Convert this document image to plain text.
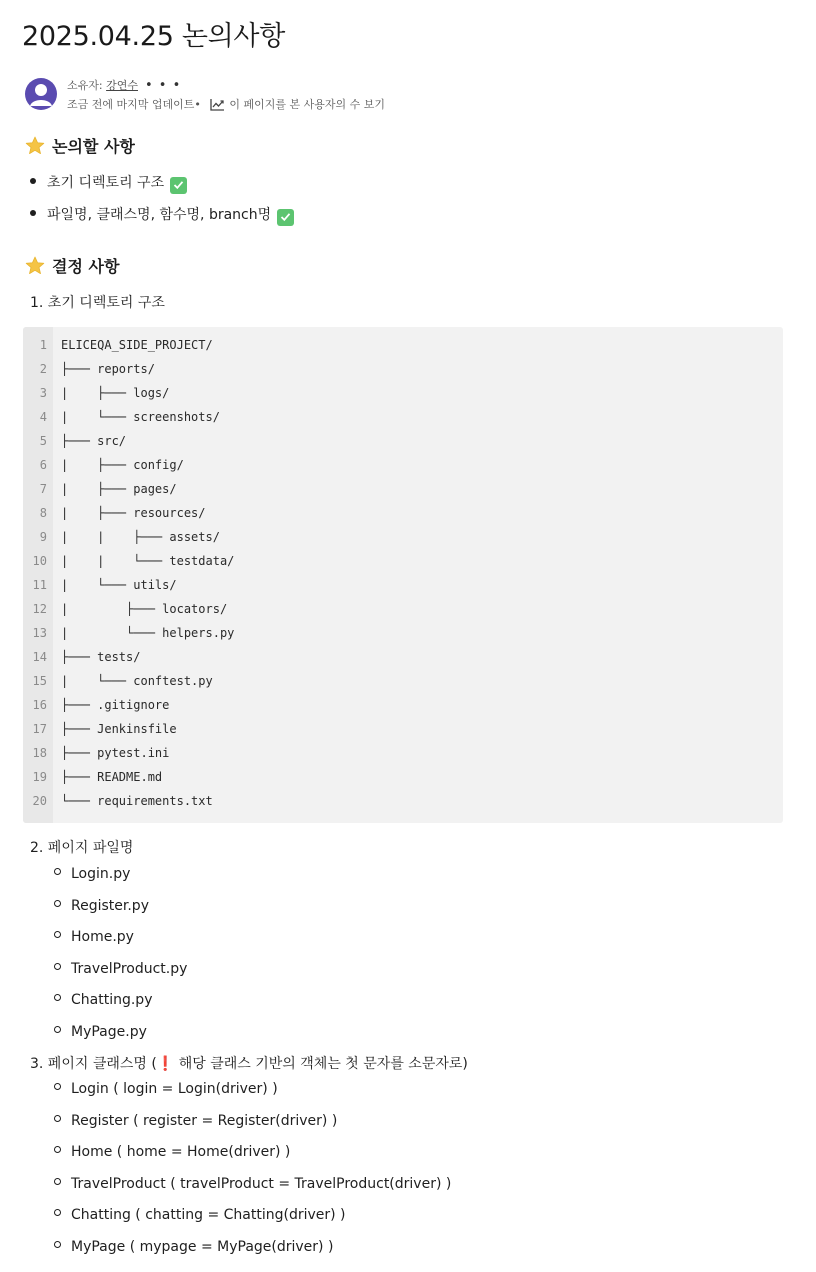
2025.04.25 논의사항
소유자: 강연수 • • •
조금 전에 마지막 업데이트•	이 페이지를 본 사용자의 수 보기
논의할 사항
초기 디렉토리 구조
파일명, 클래스명, 함수명, branch명
결정 사항
1. 초기 디렉토리 구조
1
2
3
4
5
6
7
8
9
10
11
12
13
14
15
16
17
18
19
20
ELICEQA_SIDE_PROJECT/
├─── reports/
|    ├─── logs/
|    └─── screenshots/
├─── src/
|    ├─── config/
|    ├─── pages/
|    ├─── resources/
|    |    ├─── assets/
|    |    └─── testdata/
|    └─── utils/
|        ├─── locators/
|        └─── helpers.py
├─── tests/
|    └─── conftest.py
├─── .gitignore
├─── Jenkinsfile
├─── pytest.ini
├─── README.md
└─── requirements.txt
2. 페이지 파일명
Login.py
Register.py
Home.py
TravelProduct.py
Chatting.py
MyPage.py
3. 페이지 클래스명 (❗ 해당 클래스 기반의 객체는 첫 문자를 소문자로)
Login ( login = Login(driver) )
Register ( register = Register(driver) )
Home ( home = Home(driver) )
TravelProduct ( travelProduct = TravelProduct(driver) )
Chatting ( chatting = Chatting(driver) )
MyPage ( mypage = MyPage(driver) )
